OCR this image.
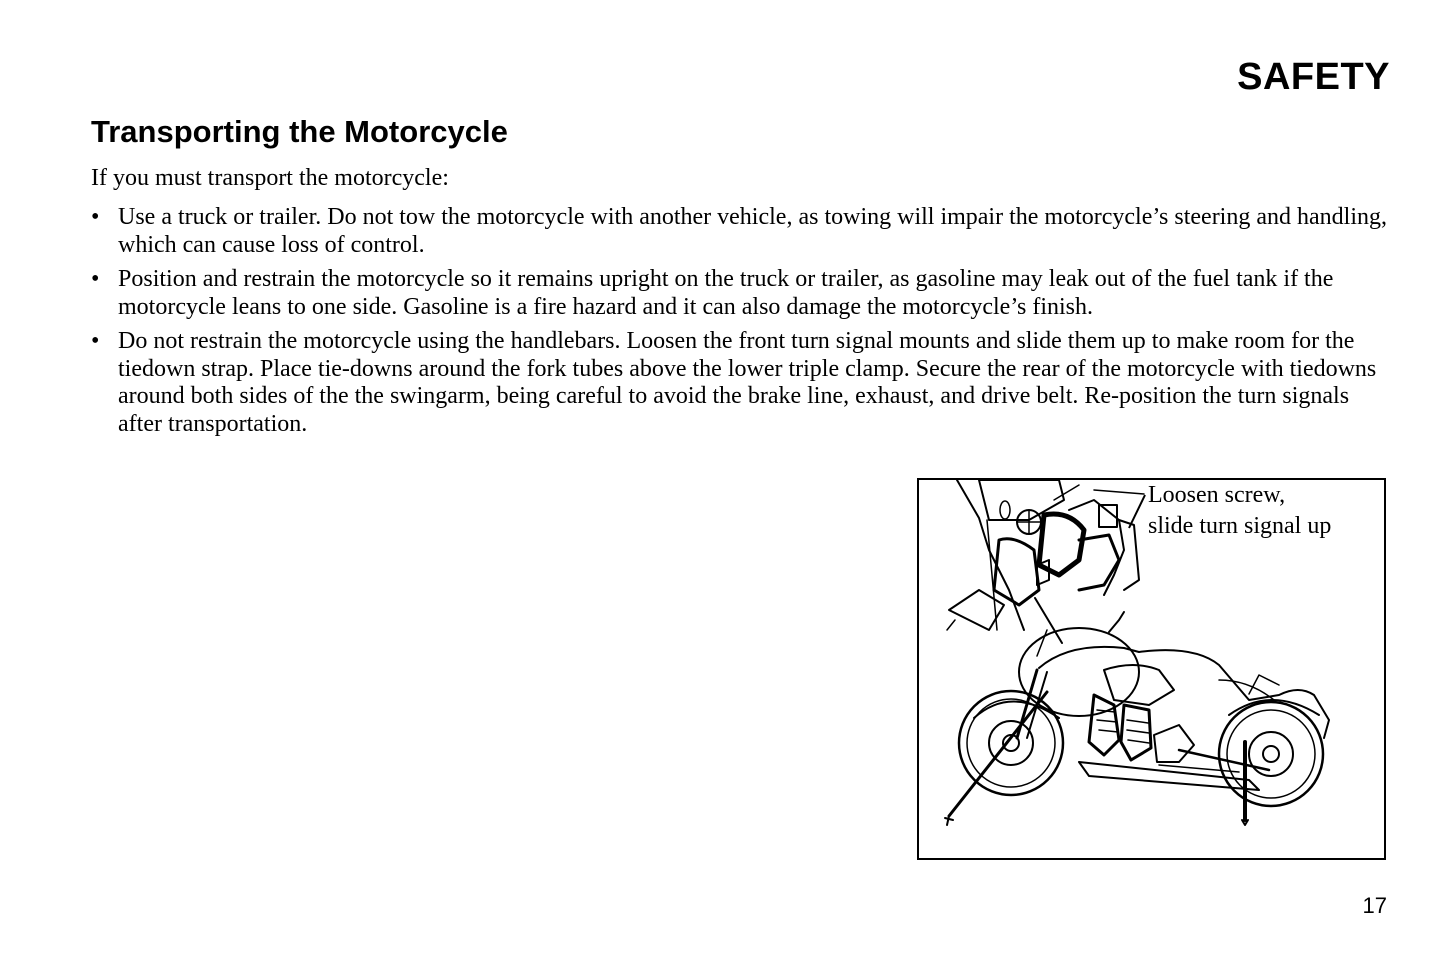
SAFETY
Transporting the Motorcycle

If you must transport the motorcycle:

• Use a truck or trailer. Do not tow the motorcycle with another vehicle, as towing will impair the motorcycle’s steering and handling, which can cause loss of control.
• Position and restrain the motorcycle so it remains upright on the truck or trailer, as gasoline may leak out of the fuel tank if the motorcycle leans to one side. Gasoline is a fire hazard and it can also damage the motorcycle’s finish.
• Do not restrain the motorcycle using the handlebars. Loosen the front turn signal mounts and slide them up to make room for the tiedown strap. Place tie-downs around the fork tubes above the lower triple clamp. Secure the rear of the motorcycle with tiedowns around both sides of the the swingarm, being careful to avoid the brake line, exhaust, and drive belt. Re-position the turn signals after transportation.
Loosen screw,
slide turn signal up
17
